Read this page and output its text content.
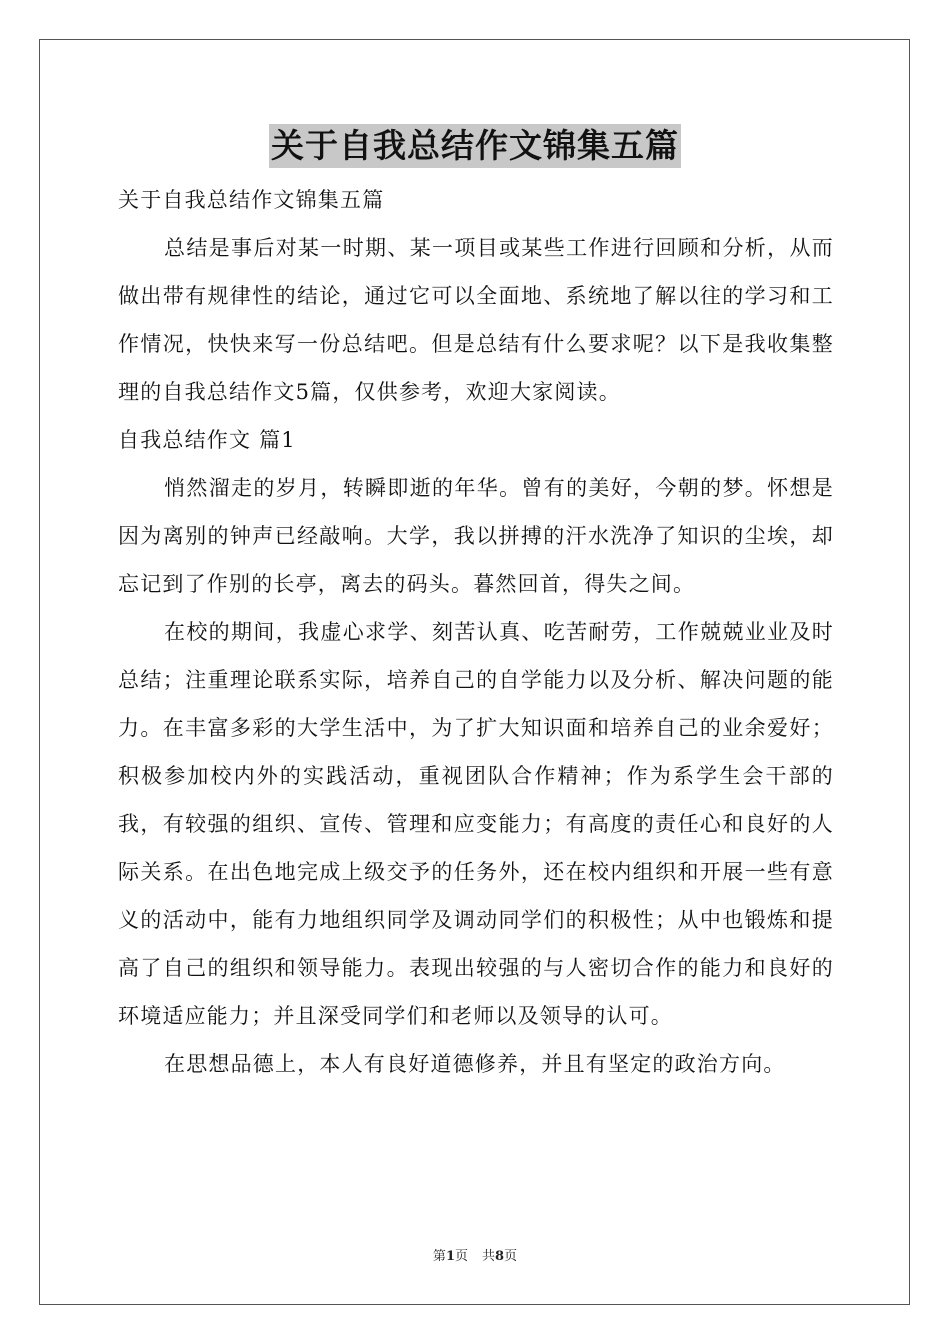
关于自我总结作文锦集五篇

关于自我总结作文锦集五篇

总结是事后对某一时期、某一项目或某些工作进行回顾和分析，从而做出带有规律性的结论，通过它可以全面地、系统地了解以往的学习和工作情况，快快来写一份总结吧。但是总结有什么要求呢？以下是我收集整理的自我总结作文5篇，仅供参考，欢迎大家阅读。

自我总结作文 篇1

悄然溜走的岁月，转瞬即逝的年华。曾有的美好，今朝的梦。怀想是因为离别的钟声已经敲响。大学，我以拼搏的汗水洗净了知识的尘埃，却忘记到了作别的长亭，离去的码头。暮然回首，得失之间。

在校的期间，我虚心求学、刻苦认真、吃苦耐劳，工作兢兢业业及时总结；注重理论联系实际，培养自己的自学能力以及分析、解决问题的能力。在丰富多彩的大学生活中，为了扩大知识面和培养自己的业余爱好；积极参加校内外的实践活动，重视团队合作精神；作为系学生会干部的我，有较强的组织、宣传、管理和应变能力；有高度的责任心和良好的人际关系。在出色地完成上级交予的任务外，还在校内组织和开展一些有意义的活动中，能有力地组织同学及调动同学们的积极性；从中也锻炼和提高了自己的组织和领导能力。表现出较强的与人密切合作的能力和良好的环境适应能力；并且深受同学们和老师以及领导的认可。

在思想品德上，本人有良好道德修养，并且有坚定的政治方向。

第1页 共8页
